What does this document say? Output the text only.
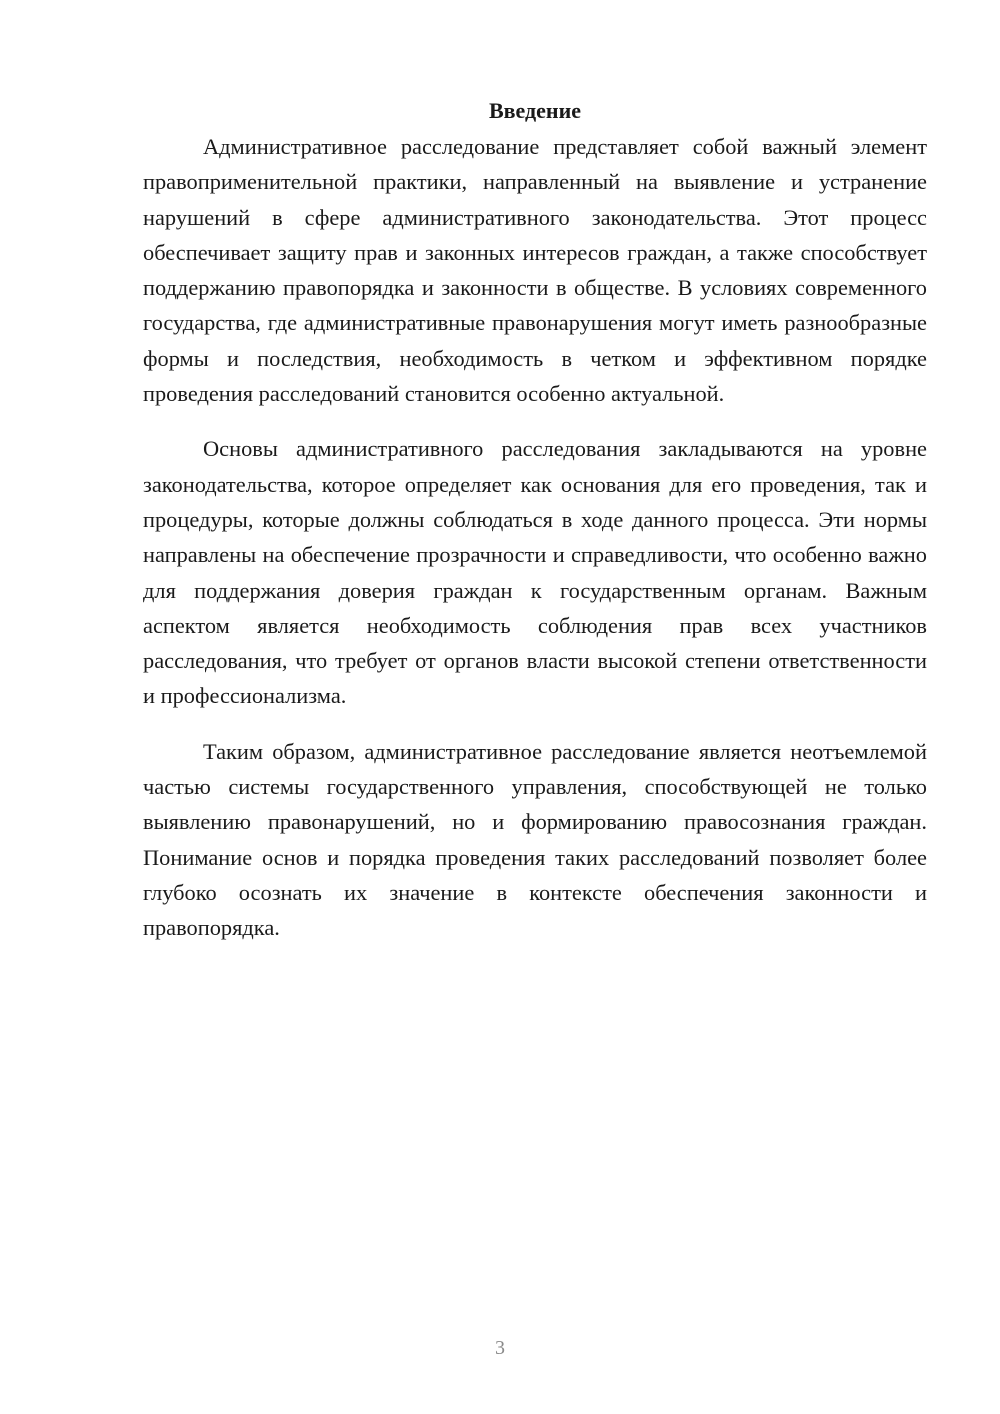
Введение

Административное расследование представляет собой важный элемент правоприменительной практики, направленный на выявление и устранение нарушений в сфере административного законодательства. Этот процесс обеспечивает защиту прав и законных интересов граждан, а также способствует поддержанию правопорядка и законности в обществе. В условиях современного государства, где административные правонарушения могут иметь разнообразные формы и последствия, необходимость в четком и эффективном порядке проведения расследований становится особенно актуальной.

Основы административного расследования закладываются на уровне законодательства, которое определяет как основания для его проведения, так и процедуры, которые должны соблюдаться в ходе данного процесса. Эти нормы направлены на обеспечение прозрачности и справедливости, что особенно важно для поддержания доверия граждан к государственным органам. Важным аспектом является необходимость соблюдения прав всех участников расследования, что требует от органов власти высокой степени ответственности и профессионализма.

Таким образом, административное расследование является неотъемлемой частью системы государственного управления, способствующей не только выявлению правонарушений, но и формированию правосознания граждан. Понимание основ и порядка проведения таких расследований позволяет более глубоко осознать их значение в контексте обеспечения законности и правопорядка.

3
